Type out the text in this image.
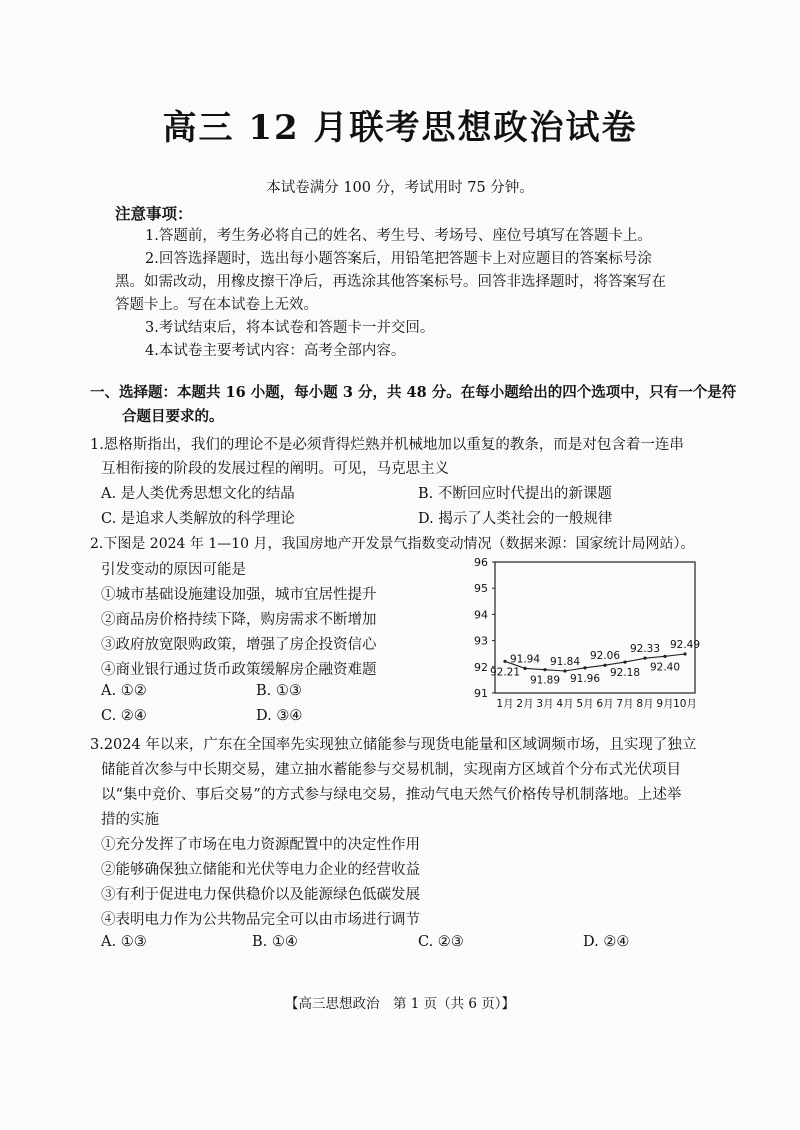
高三 12 月联考思想政治试卷
本试卷满分 100 分，考试用时 75 分钟。
注意事项：
1.答题前，考生务必将自己的姓名、考生号、考场号、座位号填写在答题卡上。
2.回答选择题时，选出每小题答案后，用铅笔把答题卡上对应题目的答案标号涂
黑。如需改动，用橡皮擦干净后，再选涂其他答案标号。回答非选择题时，将答案写在
答题卡上。写在本试卷上无效。
3.考试结束后，将本试卷和答题卡一并交回。
4.本试卷主要考试内容：高考全部内容。
一、选择题：本题共 16 小题，每小题 3 分，共 48 分。在每小题给出的四个选项中，只有一个是符
合题目要求的。
1.恩格斯指出，我们的理论不是必须背得烂熟并机械地加以重复的教条，而是对包含着一连串
互相衔接的阶段的发展过程的阐明。可见，马克思主义
A. 是人类优秀思想文化的结晶	B. 不断回应时代提出的新课题
C. 是追求人类解放的科学理论	D. 揭示了人类社会的一般规律
2.下图是 2024 年 1—10 月，我国房地产开发景气指数变动情况（数据来源：国家统计局网站）。
引发变动的原因可能是
①城市基础设施建设加强，城市宜居性提升
②商品房价格持续下降，购房需求不断增加
③政府放宽限购政策，增强了房企投资信心
④商业银行通过货币政策缓解房企融资难题
A. ①②	B. ①③
C. ②④	D. ③④
91
92
93
94
95
96
1月 2月 3月 4月 5月 6月 7月 8月 9月 10月
92.21
91.94
91.89
91.84
91.96
92.06
92.18
92.33
92.40
92.49
3.2024 年以来，广东在全国率先实现独立储能参与现货电能量和区域调频市场，且实现了独立
储能首次参与中长期交易，建立抽水蓄能参与交易机制，实现南方区域首个分布式光伏项目
以“集中竞价、事后交易”的方式参与绿电交易，推动气电天然气价格传导机制落地。上述举
措的实施
①充分发挥了市场在电力资源配置中的决定性作用
②能够确保独立储能和光伏等电力企业的经营收益
③有利于促进电力保供稳价以及能源绿色低碳发展
④表明电力作为公共物品完全可以由市场进行调节
A. ①③	B. ①④	C. ②③	D. ②④
【高三思想政治　第 1 页（共 6 页）】
